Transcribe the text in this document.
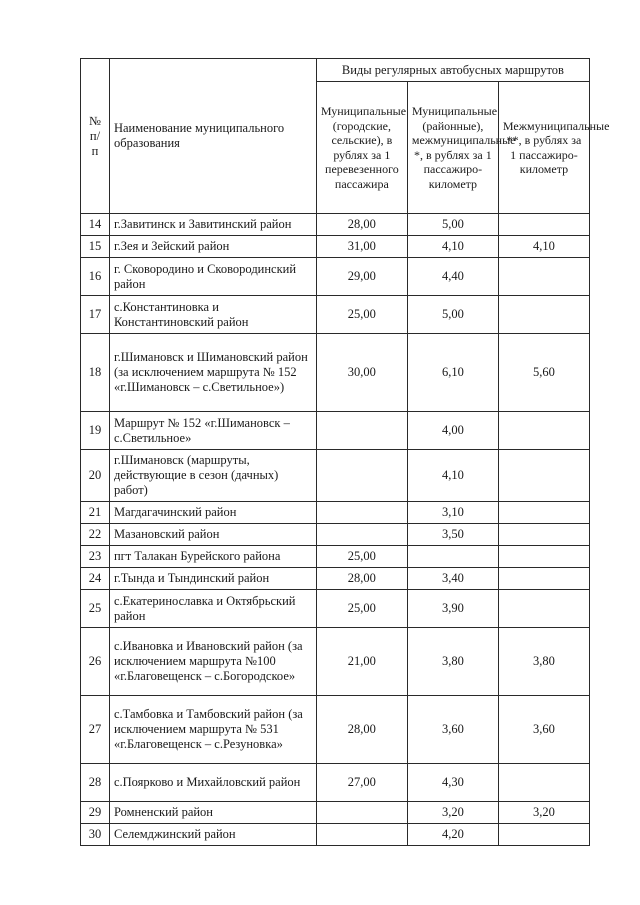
№ п/ п	Наименование муниципального образования	Виды регулярных автобусных маршрутов		
		Муниципальные (городские, сельские), в рублях за 1 перевезенного пассажира	Муниципальные (районные), межмуниципальные *, в рублях за 1 пассажиро-километр	Межмуниципальные **, в рублях за 1 пассажиро-километр
14	г.Завитинск и Завитинский район	28,00	5,00	
15	г.Зея и Зейский район	31,00	4,10	4,10
16	г. Сковородино и Сковородинский район	29,00	4,40	
17	с.Константиновка и Константиновский район	25,00	5,00	
18	г.Шимановск и Шимановский район (за исключением маршрута № 152 «г.Шимановск – с.Светильное»)	30,00	6,10	5,60
19	Маршрут № 152 «г.Шимановск – с.Светильное»		4,00	
20	г.Шимановск (маршруты, действующие в сезон (дачных) работ)		4,10	
21	Магдагачинский район		3,10	
22	Мазановский район		3,50	
23	пгт Талакан Бурейского района	25,00		
24	г.Тында и Тындинский район	28,00	3,40	
25	с.Екатеринославка и Октябрьский район	25,00	3,90	
26	с.Ивановка и Ивановский район (за исключением маршрута №100 «г.Благовещенск – с.Богородское»	21,00	3,80	3,80
27	с.Тамбовка и Тамбовский район (за исключением маршрута № 531 «г.Благовещенск – с.Резуновка»	28,00	3,60	3,60
28	с.Поярково и Михайловский район	27,00	4,30	
29	Ромненский район		3,20	3,20
30	Селемджинский район		4,20	
